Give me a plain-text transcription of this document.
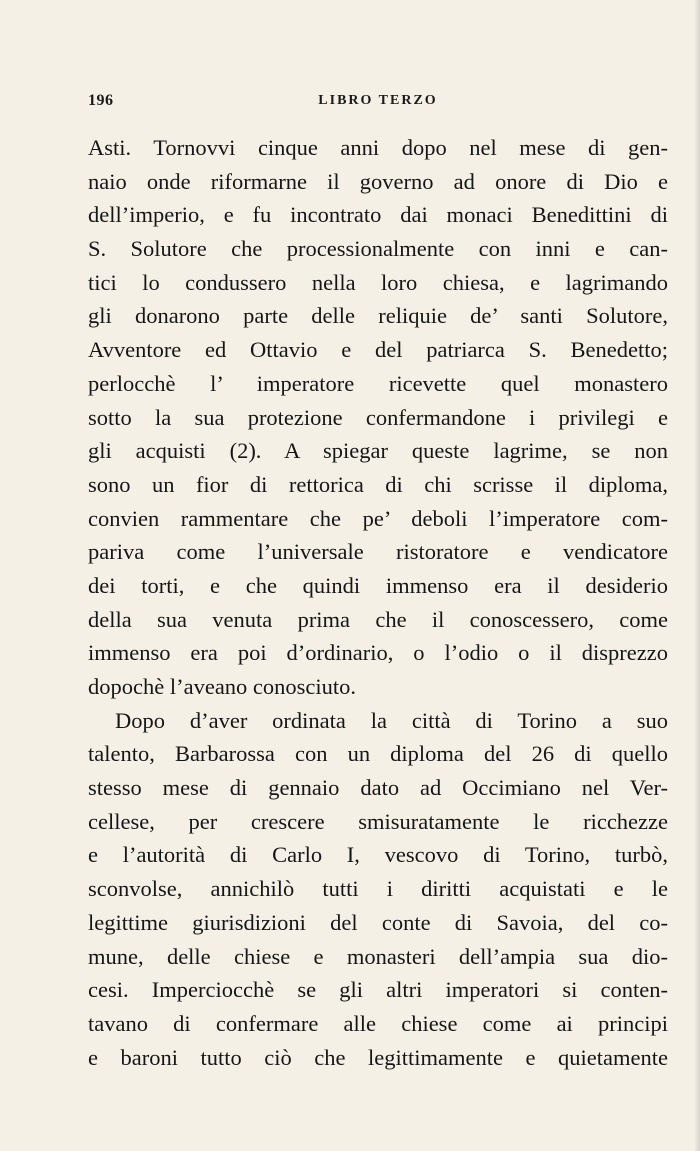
196	LIBRO TERZO
Asti. Tornovvi cinque anni dopo nel mese di gen-
naio onde riformarne il governo ad onore di Dio e
dell’imperio, e fu incontrato dai monaci Benedittini di
S. Solutore che processionalmente con inni e can-
tici lo condussero nella loro chiesa, e lagrimando
gli donarono parte delle reliquie de’ santi Solutore,
Avventore ed Ottavio e del patriarca S. Benedetto;
perlocchè l’ imperatore ricevette quel monastero
sotto la sua protezione confermandone i privilegi e
gli acquisti (2). A spiegar queste lagrime, se non
sono un fior di rettorica di chi scrisse il diploma,
convien rammentare che pe’ deboli l’imperatore com-
pariva come l’universale ristoratore e vendicatore
dei torti, e che quindi immenso era il desiderio
della sua venuta prima che il conoscessero, come
immenso era poi d’ordinario, o l’odio o il disprezzo
dopochè l’aveano conosciuto.
Dopo d’aver ordinata la città di Torino a suo
talento, Barbarossa con un diploma del 26 di quello
stesso mese di gennaio dato ad Occimiano nel Ver-
cellese, per crescere smisuratamente le ricchezze
e l’autorità di Carlo I, vescovo di Torino, turbò,
sconvolse, annichilò tutti i diritti acquistati e le
legittime giurisdizioni del conte di Savoia, del co-
mune, delle chiese e monasteri dell’ampia sua dio-
cesi. Imperciocchè se gli altri imperatori si conten-
tavano di confermare alle chiese come ai principi
e baroni tutto ciò che legittimamente e quietamente
